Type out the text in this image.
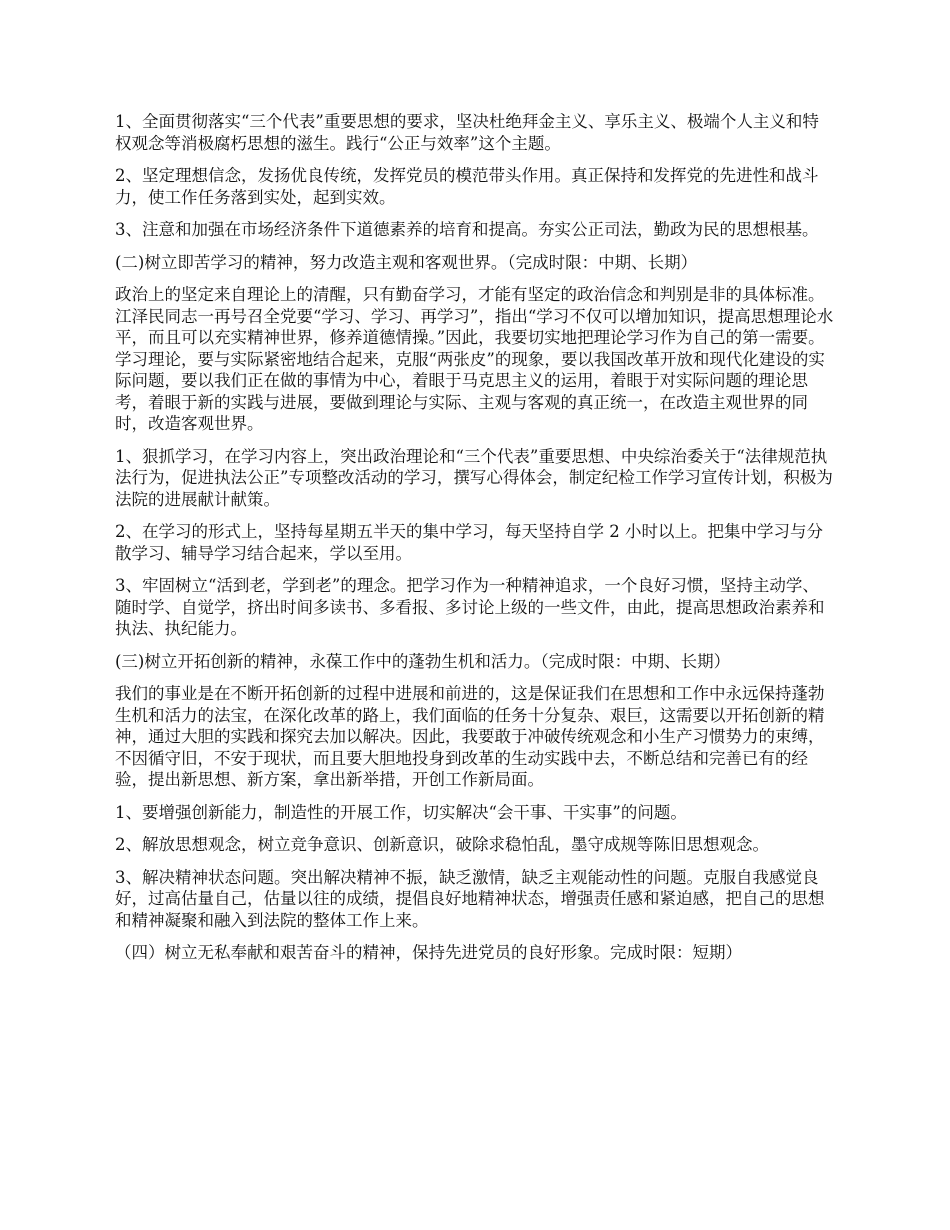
1、全面贯彻落实“三个代表”重要思想的要求，坚决杜绝拜金主义、享乐主义、极端个人主义和特权观念等消极腐朽思想的滋生。践行“公正与效率”这个主题。

2、坚定理想信念，发扬优良传统，发挥党员的模范带头作用。真正保持和发挥党的先进性和战斗力，使工作任务落到实处，起到实效。

3、注意和加强在市场经济条件下道德素养的培育和提高。夯实公正司法，勤政为民的思想根基。

(二)树立即苦学习的精神，努力改造主观和客观世界。（完成时限：中期、长期）

政治上的坚定来自理论上的清醒，只有勤奋学习，才能有坚定的政治信念和判别是非的具体标准。江泽民同志一再号召全党要“学习、学习、再学习”，指出“学习不仅可以增加知识，提高思想理论水平，而且可以充实精神世界，修养道德情操。”因此，我要切实地把理论学习作为自己的第一需要。学习理论，要与实际紧密地结合起来，克服“两张皮”的现象，要以我国改革开放和现代化建设的实际问题，要以我们正在做的事情为中心，着眼于马克思主义的运用，着眼于对实际问题的理论思考，着眼于新的实践与进展，要做到理论与实际、主观与客观的真正统一，在改造主观世界的同时，改造客观世界。

1、狠抓学习，在学习内容上，突出政治理论和“三个代表”重要思想、中央综治委关于“法律规范执法行为，促进执法公正”专项整改活动的学习，撰写心得体会，制定纪检工作学习宣传计划，积极为法院的进展献计献策。

2、在学习的形式上，坚持每星期五半天的集中学习，每天坚持自学 2 小时以上。把集中学习与分散学习、辅导学习结合起来，学以至用。

3、牢固树立“活到老，学到老”的理念。把学习作为一种精神追求，一个良好习惯，坚持主动学、随时学、自觉学，挤出时间多读书、多看报、多讨论上级的一些文件，由此，提高思想政治素养和执法、执纪能力。

(三)树立开拓创新的精神，永葆工作中的蓬勃生机和活力。（完成时限：中期、长期）

我们的事业是在不断开拓创新的过程中进展和前进的，这是保证我们在思想和工作中永远保持蓬勃生机和活力的法宝，在深化改革的路上，我们面临的任务十分复杂、艰巨，这需要以开拓创新的精神，通过大胆的实践和探究去加以解决。因此，我要敢于冲破传统观念和小生产习惯势力的束缚，不因循守旧，不安于现状，而且要大胆地投身到改革的生动实践中去，不断总结和完善已有的经验，提出新思想、新方案，拿出新举措，开创工作新局面。

1、要增强创新能力，制造性的开展工作，切实解决“会干事、干实事”的问题。

2、解放思想观念，树立竞争意识、创新意识，破除求稳怕乱，墨守成规等陈旧思想观念。

3、解决精神状态问题。突出解决精神不振，缺乏激情，缺乏主观能动性的问题。克服自我感觉良好，过高估量自己，估量以往的成绩，提倡良好地精神状态，增强责任感和紧迫感，把自己的思想和精神凝聚和融入到法院的整体工作上来。

（四）树立无私奉献和艰苦奋斗的精神，保持先进党员的良好形象。完成时限：短期）
